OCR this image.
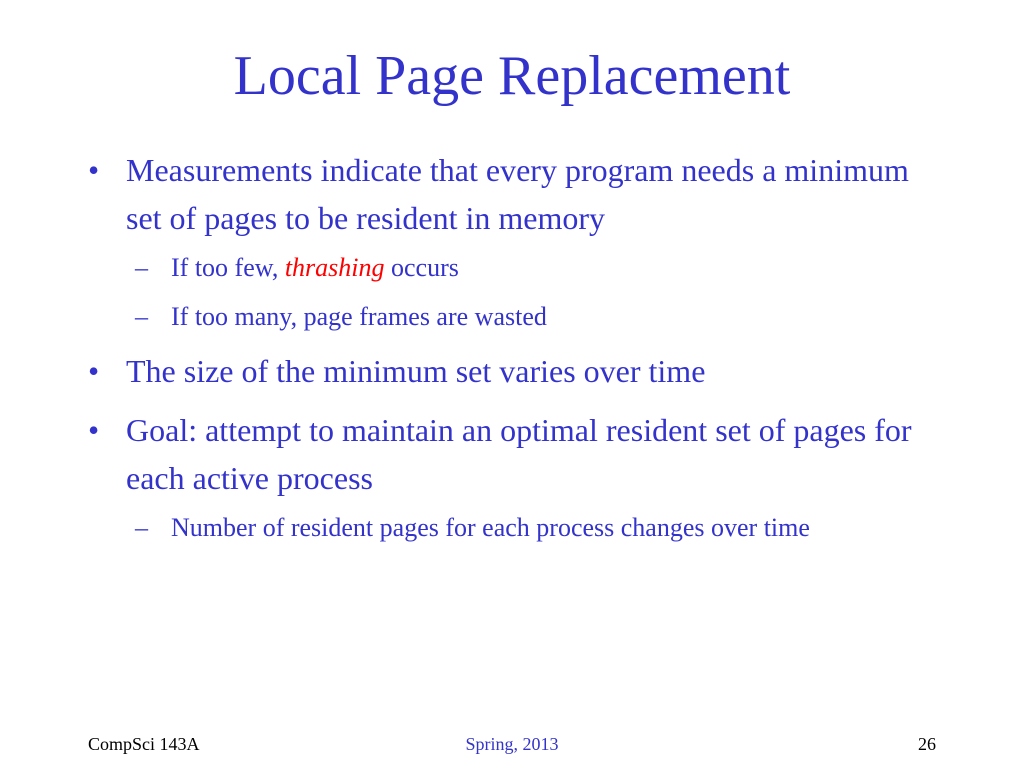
Local Page Replacement
• Measurements indicate that every program needs a minimum set of pages to be resident in memory
– If too few, thrashing occurs
– If too many, page frames are wasted
• The size of the minimum set varies over time
• Goal: attempt to maintain an optimal resident set of pages for each active process
– Number of resident pages for each process changes over time
CompSci 143A	Spring, 2013	26
